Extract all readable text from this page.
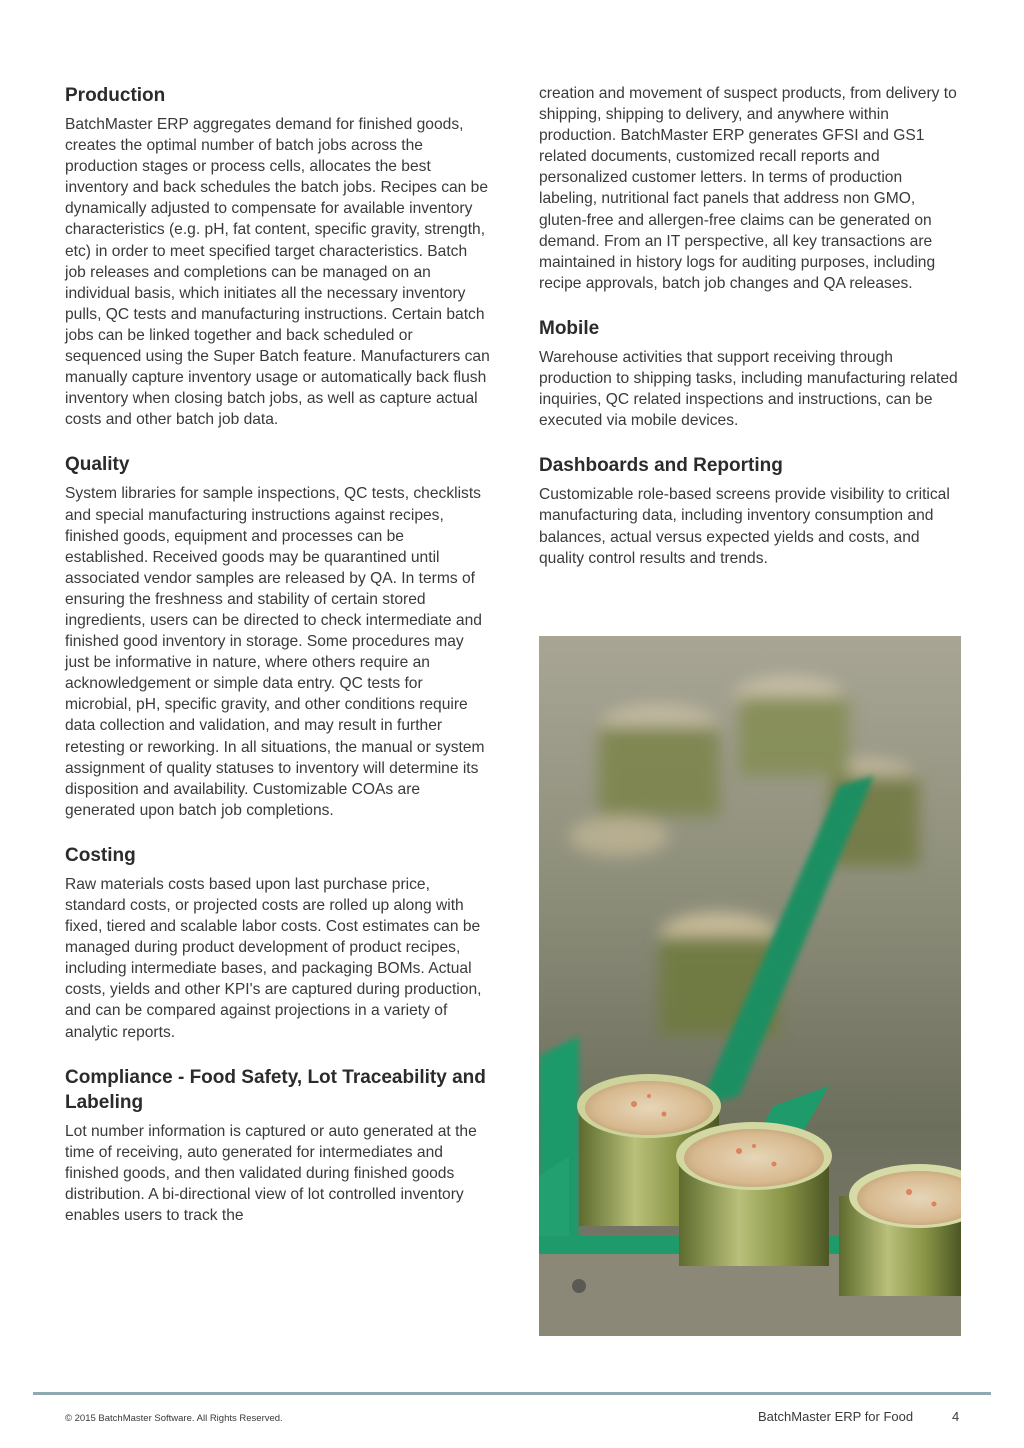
Production

BatchMaster ERP aggregates demand for finished goods, creates the optimal number of batch jobs across the production stages or process cells, allocates the best inventory and back schedules the batch jobs. Recipes can be dynamically adjusted to compensate for available inventory characteristics (e.g. pH, fat content, specific gravity, strength, etc) in order to meet specified target characteristics. Batch job releases and completions can be managed on an individual basis, which initiates all the necessary inventory pulls, QC tests and manufacturing instructions. Certain batch jobs can be linked together and back scheduled or sequenced using the Super Batch feature. Manufacturers can manually capture inventory usage or automatically back flush inventory when closing batch jobs, as well as capture actual costs and other batch job data.

Quality

System libraries for sample inspections, QC tests, checklists and special manufacturing instructions against recipes, finished goods, equipment and processes can be established. Received goods may be quarantined until associated vendor samples are released by QA. In terms of ensuring the freshness and stability of certain stored ingredients, users can be directed to check intermediate and finished good inventory in storage. Some procedures may just be informative in nature, where others require an acknowledgement or simple data entry. QC tests for microbial, pH, specific gravity, and other conditions require data collection and validation, and may result in further retesting or reworking. In all situations, the manual or system assignment of quality statuses to inventory will determine its disposition and availability. Customizable COAs are generated upon batch job completions.

Costing

Raw materials costs based upon last purchase price, standard costs, or projected costs are rolled up along with fixed, tiered and scalable labor costs. Cost estimates can be managed during product development of product recipes, including intermediate bases, and packaging BOMs. Actual costs, yields and other KPI's are captured during production, and can be compared against projections in a variety of analytic reports.

Compliance - Food Safety, Lot Traceability and Labeling

Lot number information is captured or auto generated at the time of receiving, auto generated for intermediates and finished goods, and then validated during finished goods distribution. A bi-directional view of lot controlled inventory enables users to track the

creation and movement of suspect products, from delivery to shipping, shipping to delivery, and anywhere within production. BatchMaster ERP generates GFSI and GS1 related documents, customized recall reports and personalized customer letters. In terms of production labeling, nutritional fact panels that address non GMO, gluten-free and allergen-free claims can be generated on demand. From an IT perspective, all key transactions are maintained in history logs for auditing purposes, including recipe approvals, batch job changes and QA releases.

Mobile

Warehouse activities that support receiving through production to shipping tasks, including manufacturing related inquiries, QC related inspections and instructions, can be executed via mobile devices.

Dashboards and Reporting

Customizable role-based screens provide visibility to critical manufacturing data, including inventory consumption and balances, actual versus expected yields and costs, and quality control results and trends.

© 2015 BatchMaster Software. All Rights Reserved.	BatchMaster ERP for Food	4
